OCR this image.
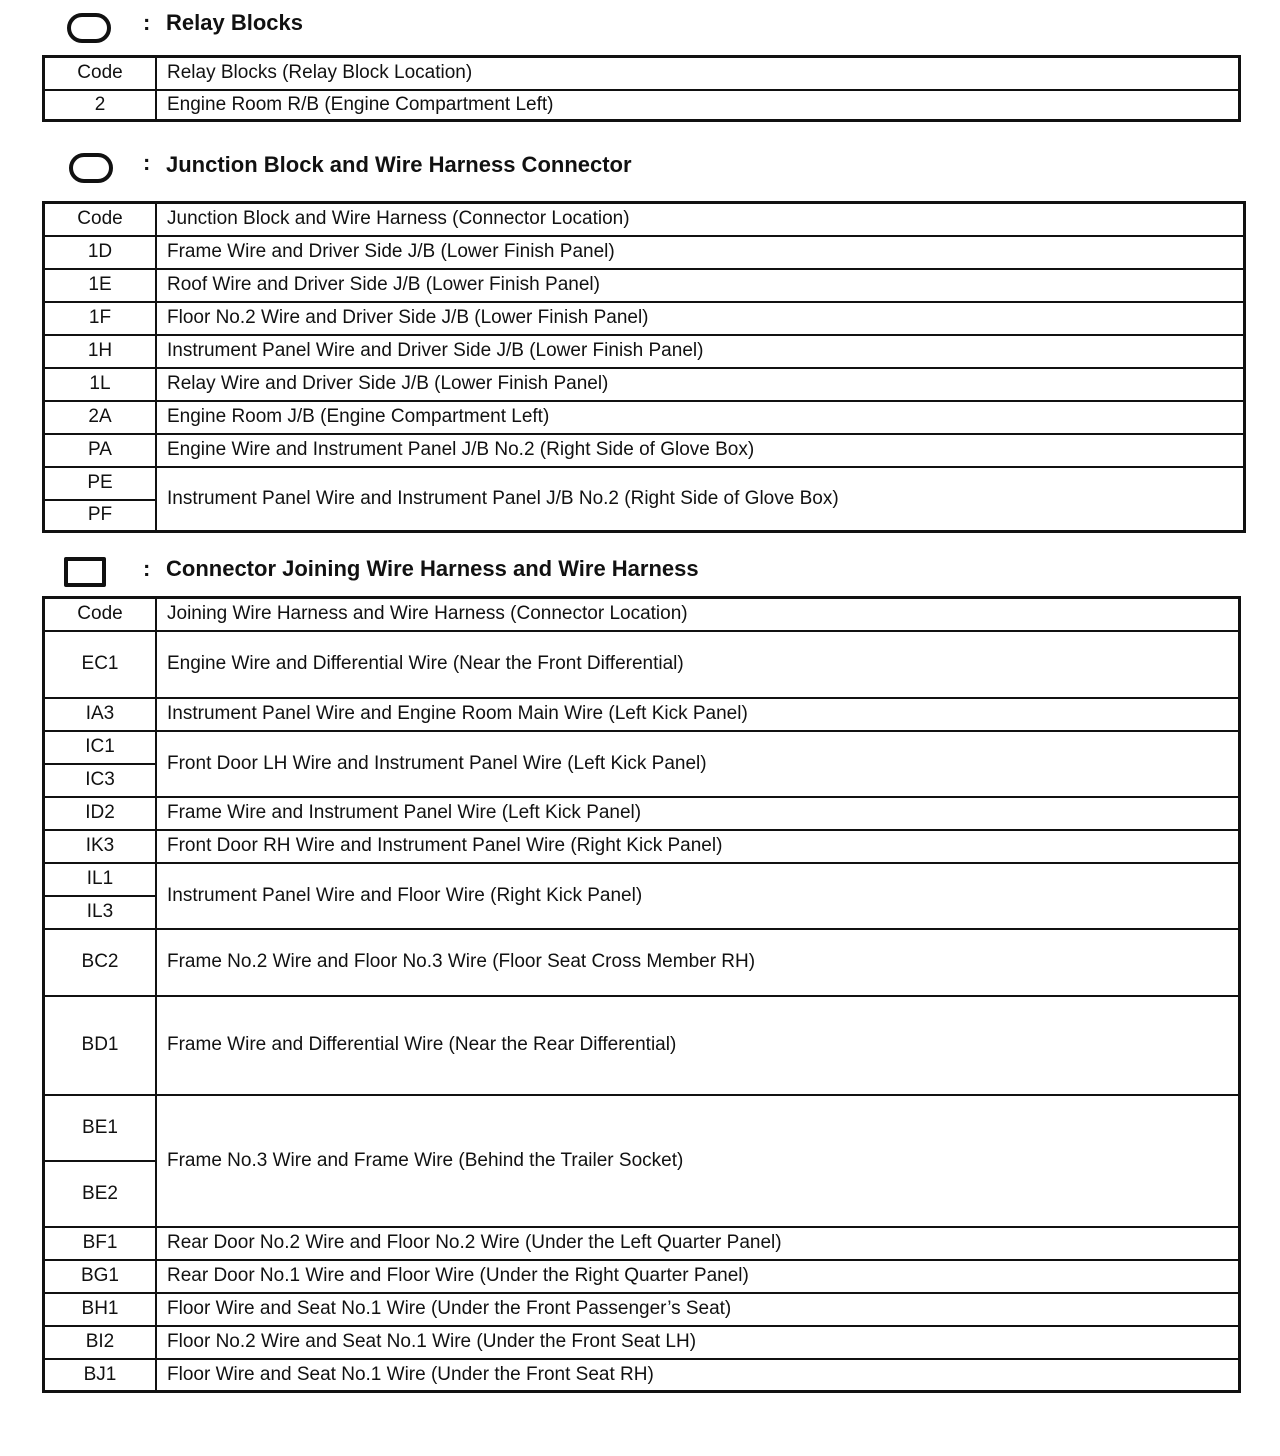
: Relay Blocks
Code	Relay Blocks (Relay Block Location)
2	Engine Room R/B (Engine Compartment Left)
: Junction Block and Wire Harness Connector
Code	Junction Block and Wire Harness (Connector Location)
1D	Frame Wire and Driver Side J/B (Lower Finish Panel)
1E	Roof Wire and Driver Side J/B (Lower Finish Panel)
1F	Floor No.2 Wire and Driver Side J/B (Lower Finish Panel)
1H	Instrument Panel Wire and Driver Side J/B (Lower Finish Panel)
1L	Relay Wire and Driver Side J/B (Lower Finish Panel)
2A	Engine Room J/B (Engine Compartment Left)
PA	Engine Wire and Instrument Panel J/B No.2 (Right Side of Glove Box)
PE	Instrument Panel Wire and Instrument Panel J/B No.2 (Right Side of Glove Box)
PF	
: Connector Joining Wire Harness and Wire Harness
Code	Joining Wire Harness and Wire Harness (Connector Location)
EC1	Engine Wire and Differential Wire (Near the Front Differential)
IA3	Instrument Panel Wire and Engine Room Main Wire (Left Kick Panel)
IC1	Front Door LH Wire and Instrument Panel Wire (Left Kick Panel)
IC3	
ID2	Frame Wire and Instrument Panel Wire (Left Kick Panel)
IK3	Front Door RH Wire and Instrument Panel Wire (Right Kick Panel)
IL1	Instrument Panel Wire and Floor Wire (Right Kick Panel)
IL3	
BC2	Frame No.2 Wire and Floor No.3 Wire (Floor Seat Cross Member RH)
BD1	Frame Wire and Differential Wire (Near the Rear Differential)
BE1	Frame No.3 Wire and Frame Wire (Behind the Trailer Socket)
BE2	
BF1	Rear Door No.2 Wire and Floor No.2 Wire (Under the Left Quarter Panel)
BG1	Rear Door No.1 Wire and Floor Wire (Under the Right Quarter Panel)
BH1	Floor Wire and Seat No.1 Wire (Under the Front Passenger’s Seat)
BI2	Floor No.2 Wire and Seat No.1 Wire (Under the Front Seat LH)
BJ1	Floor Wire and Seat No.1 Wire (Under the Front Seat RH)
